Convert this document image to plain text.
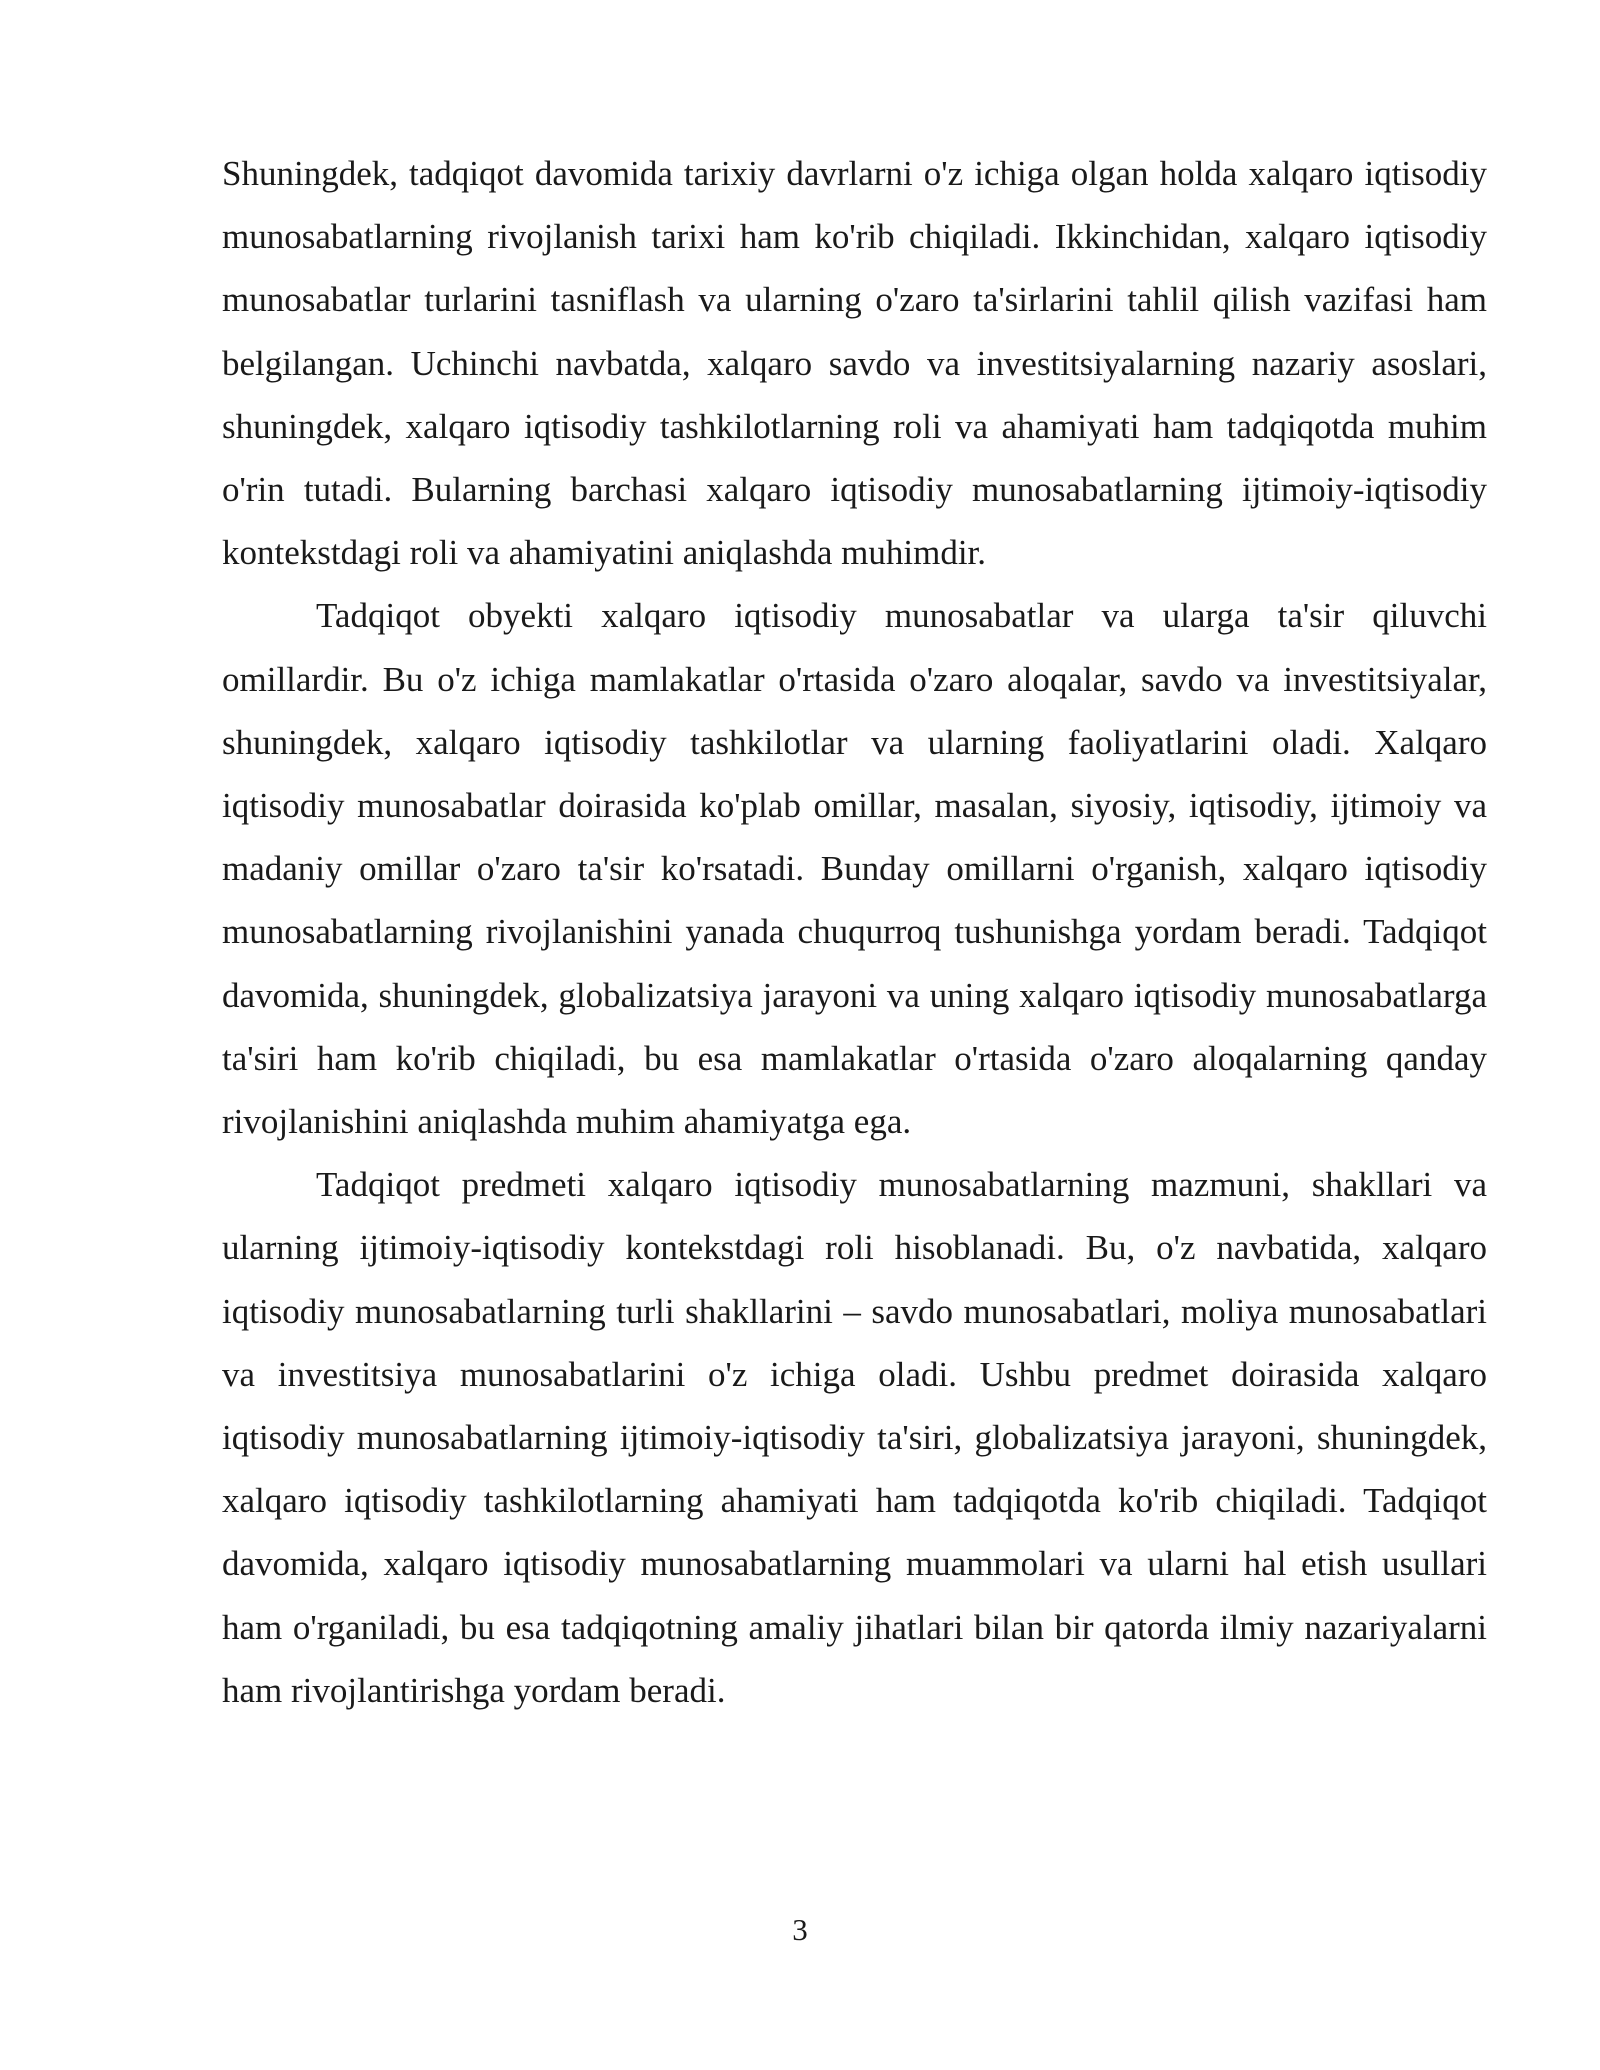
Shuningdek, tadqiqot davomida tarixiy davrlarni o'z ichiga olgan holda xalqaro iqtisodiy munosabatlarning rivojlanish tarixi ham ko'rib chiqiladi. Ikkinchidan, xalqaro iqtisodiy munosabatlar turlarini tasniflash va ularning o'zaro ta'sirlarini tahlil qilish vazifasi ham belgilangan. Uchinchi navbatda, xalqaro savdo va investitsiyalarning nazariy asoslari, shuningdek, xalqaro iqtisodiy tashkilotlarning roli va ahamiyati ham tadqiqotda muhim o'rin tutadi. Bularning barchasi xalqaro iqtisodiy munosabatlarning ijtimoiy-iqtisodiy kontekstdagi roli va ahamiyatini aniqlashda muhimdir.

Tadqiqot obyekti xalqaro iqtisodiy munosabatlar va ularga ta'sir qiluvchi omillardir. Bu o'z ichiga mamlakatlar o'rtasida o'zaro aloqalar, savdo va investitsiyalar, shuningdek, xalqaro iqtisodiy tashkilotlar va ularning faoliyatlarini oladi. Xalqaro iqtisodiy munosabatlar doirasida ko'plab omillar, masalan, siyosiy, iqtisodiy, ijtimoiy va madaniy omillar o'zaro ta'sir ko'rsatadi. Bunday omillarni o'rganish, xalqaro iqtisodiy munosabatlarning rivojlanishini yanada chuqurroq tushunishga yordam beradi. Tadqiqot davomida, shuningdek, globalizatsiya jarayoni va uning xalqaro iqtisodiy munosabatlarga ta'siri ham ko'rib chiqiladi, bu esa mamlakatlar o'rtasida o'zaro aloqalarning qanday rivojlanishini aniqlashda muhim ahamiyatga ega.

Tadqiqot predmeti xalqaro iqtisodiy munosabatlarning mazmuni, shakllari va ularning ijtimoiy-iqtisodiy kontekstdagi roli hisoblanadi. Bu, o'z navbatida, xalqaro iqtisodiy munosabatlarning turli shakllarini – savdo munosabatlari, moliya munosabatlari va investitsiya munosabatlarini o'z ichiga oladi. Ushbu predmet doirasida xalqaro iqtisodiy munosabatlarning ijtimoiy-iqtisodiy ta'siri, globalizatsiya jarayoni, shuningdek, xalqaro iqtisodiy tashkilotlarning ahamiyati ham tadqiqotda ko'rib chiqiladi. Tadqiqot davomida, xalqaro iqtisodiy munosabatlarning muammolari va ularni hal etish usullari ham o'rganiladi, bu esa tadqiqotning amaliy jihatlari bilan bir qatorda ilmiy nazariyalarni ham rivojlantirishga yordam beradi.

3
